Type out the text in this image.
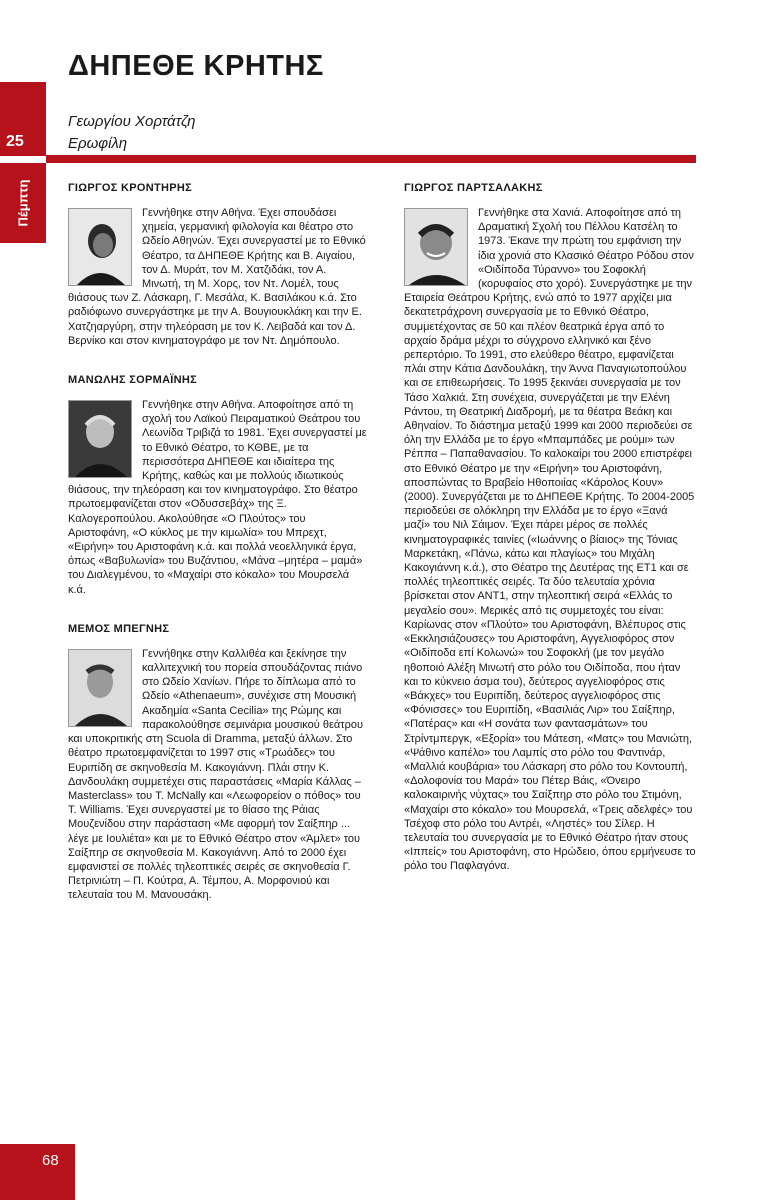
25
Πέμπτη
ΔΗΠΕΘΕ ΚΡΗΤΗΣ
Γεωργίου Χορτάτζη
Ερωφίλη
ΓΙΩΡΓΟΣ ΚΡΟΝΤΗΡΗΣ

Γεννήθηκε στην Αθήνα. Έχει σπουδάσει χημεία, γερμανική φιλολογία και θέατρο στο Ωδείο Αθηνών. Έχει συνεργαστεί με το Εθνικό Θέατρο, τα ΔΗΠΕΘΕ Κρήτης και Β. Αιγαίου, τον Δ. Μυράτ, τον Μ. Χατζιδάκι, τον Α. Μινωτή, τη Μ. Χορς, τον Ντ. Λομέλ, τους θιάσους των Ζ. Λάσκαρη, Γ. Μεσάλα, Κ. Βασιλάκου κ.ά. Στο ραδιόφωνο συνεργάστηκε με την Α. Βουγιουκλάκη και την Ε. Χατζηαργύρη, στην τηλεόραση με τον Κ. Λειβαδά και τον Δ. Βερνίκο και στον κινηματογράφο με τον Ντ. Δημόπουλο.

ΜΑΝΩΛΗΣ ΣΟΡΜΑΪΝΗΣ

Γεννήθηκε στην Αθήνα. Αποφοίτησε από τη σχολή του Λαϊκού Πειραματικού Θεάτρου του Λεωνίδα Τριβιζά το 1981. Έχει συνεργαστεί με το Εθνικό Θέατρο, το ΚΘΒΕ, με τα περισσότερα ΔΗΠΕΘΕ και ιδιαίτερα της Κρήτης, καθώς και με πολλούς ιδιωτικούς θιάσους, την τηλεόραση και τον κινηματογράφο. Στο θέατρο πρωτοεμφανίζεται στον «Οδυσσεβάχ» της Ξ. Καλογεροπούλου. Ακολούθησε «Ο Πλούτος» του Αριστοφάνη, «Ο κύκλος με την κιμωλία» του Μπρεχτ, «Ειρήνη» του Αριστοφάνη κ.ά. και πολλά νεοελληνικά έργα, όπως «Βαβυλωνία» του Βυζάντιου, «Μάνα –μητέρα – μαμά» του Διαλεγμένου, το «Μαχαίρι στο κόκαλο» του Μουρσελά κ.ά.

ΜΕΜΟΣ ΜΠΕΓΝΗΣ

Γεννήθηκε στην Καλλιθέα και ξεκίνησε την καλλιτεχνική του πορεία σπουδάζοντας πιάνο στο Ωδείο Χανίων. Πήρε το δίπλωμα από το Ωδείο «Athenaeum», συνέχισε στη Μουσική Ακαδημία «Santa Cecilia» της Ρώμης και παρακολούθησε σεμινάρια μουσικού θεάτρου και υποκριτικής στη Scuola di Dramma, μεταξύ άλλων. Στο θέατρο πρωτοεμφανίζεται το 1997 στις «Τρωάδες» του Ευριπίδη σε σκηνοθεσία Μ. Κακογιάννη. Πλάι στην Κ. Δανδουλάκη συμμετέχει στις παραστάσεις «Μαρία Κάλλας – Masterclass» του T. McNally και «Λεωφορείον ο πόθος» του T. Williams. Έχει συνεργαστεί με το θίασο της Ράιας Μουζενίδου στην παράσταση «Με αφορμή τον Σαίξπηρ ... λέγε με Ιουλιέτα» και με το Εθνικό Θέατρο στον «Άμλετ» του Σαίξπηρ σε σκηνοθεσία Μ. Κακογιάννη. Από το 2000 έχει εμφανιστεί σε πολλές τηλεοπτικές σειρές σε σκηνοθεσία Γ. Πετρινιώτη – Π. Κούτρα, Α. Τέμπου, Α. Μορφονιού και τελευταία του Μ. Μανουσάκη.

ΓΙΩΡΓΟΣ ΠΑΡΤΣΑΛΑΚΗΣ

Γεννήθηκε στα Χανιά. Αποφοίτησε από τη Δραματική Σχολή του Πέλλου Κατσέλη το 1973. Έκανε την πρώτη του εμφάνιση την ίδια χρονιά στο Κλασικό Θέατρο Ρόδου στον «Οιδίποδα Τύραννο» του Σοφοκλή (κορυφαίος στο χορό). Συνεργάστηκε με την Εταιρεία Θεάτρου Κρήτης, ενώ από το 1977 αρχίζει μια δεκατετράχρονη συνεργασία με το Εθνικό Θέατρο, συμμετέχοντας σε 50 και πλέον θεατρικά έργα από το αρχαίο δράμα μέχρι το σύγχρονο ελληνικό και ξένο ρεπερτόριο. Το 1991, στο ελεύθερο θέατρο, εμφανίζεται πλάι στην Κάτια Δανδουλάκη, την Άννα Παναγιωτοπούλου και σε επιθεωρήσεις. Το 1995 ξεκινάει συνεργασία με τον Τάσο Χαλκιά. Στη συνέχεια, συνεργάζεται με την Ελένη Ράντου, τη Θεατρική Διαδρομή, με τα θέατρα Βεάκη και Αθηναίον. Το διάστημα μεταξύ 1999 και 2000 περιοδεύει σε όλη την Ελλάδα με το έργο «Μπαμπάδες με ρούμι» των Ρέππα – Παπαθανασίου. Το καλοκαίρι του 2000 επιστρέφει στο Εθνικό Θέατρο με την «Ειρήνη» του Αριστοφάνη, αποσπώντας το Βραβείο Ηθοποιίας «Κάρολος Κουν» (2000). Συνεργάζεται με το ΔΗΠΕΘΕ Κρήτης. Το 2004-2005 περιοδεύει σε ολόκληρη την Ελλάδα με το έργο «Ξανά μαζί» του Νιλ Σάιμον. Έχει πάρει μέρος σε πολλές κινηματογραφικές ταινίες («Ιωάννης ο βίαιος» της Τόνιας Μαρκετάκη, «Πάνω, κάτω και πλαγίως» του Μιχάλη Κακογιάννη κ.ά.), στο Θέατρο της Δευτέρας της ΕΤ1 και σε πολλές τηλεοπτικές σειρές. Τα δύο τελευταία χρόνια βρίσκεται στον ΑΝΤ1, στην τηλεοπτική σειρά «Ελλάς το μεγαλείο σου». Μερικές από τις συμμετοχές του είναι: Καρίωνας στον «Πλούτο» του Αριστοφάνη, Βλέπυρος στις «Εκκλησιάζουσες» του Αριστοφάνη, Αγγελιοφόρος στον «Οιδίποδα επί Κολωνώ» του Σοφοκλή (με τον μεγάλο ηθοποιό Αλέξη Μινωτή στο ρόλο του Οιδίποδα, που ήταν και το κύκνειο άσμα του), δεύτερος αγγελιοφόρος στις «Βάκχες» του Ευριπίδη, δεύτερος αγγελιοφόρος στις «Φόνισσες» του Ευριπίδη, «Βασιλιάς Λιρ» του Σαίξπηρ, «Πατέρας» και «Η σονάτα των φαντασμάτων» του Στρίντμπεργκ, «Εξορία» του Μάτεση, «Ματς» του Μανιώτη, «Ψάθινο καπέλο» του Λαμπίς στο ρόλο του Φαντινάρ, «Μαλλιά κουβάρια» του Λάσκαρη στο ρόλο του Κοντουπή, «Δολοφονία του Μαρά» του Πέτερ Βάις, «Όνειρο καλοκαιρινής νύχτας» του Σαίξπηρ στο ρόλο του Στιμόνη, «Μαχαίρι στο κόκαλο» του Μουρσελά, «Τρεις αδελφές» του Τσέχοφ στο ρόλο του Αντρέι, «Ληστές» του Σίλερ. Η τελευταία του συνεργασία με το Εθνικό Θέατρο ήταν στους «Ιππείς» του Αριστοφάνη, στο Ηρώδειο, όπου ερμήνευσε το ρόλο του Παφλαγόνα.

68
